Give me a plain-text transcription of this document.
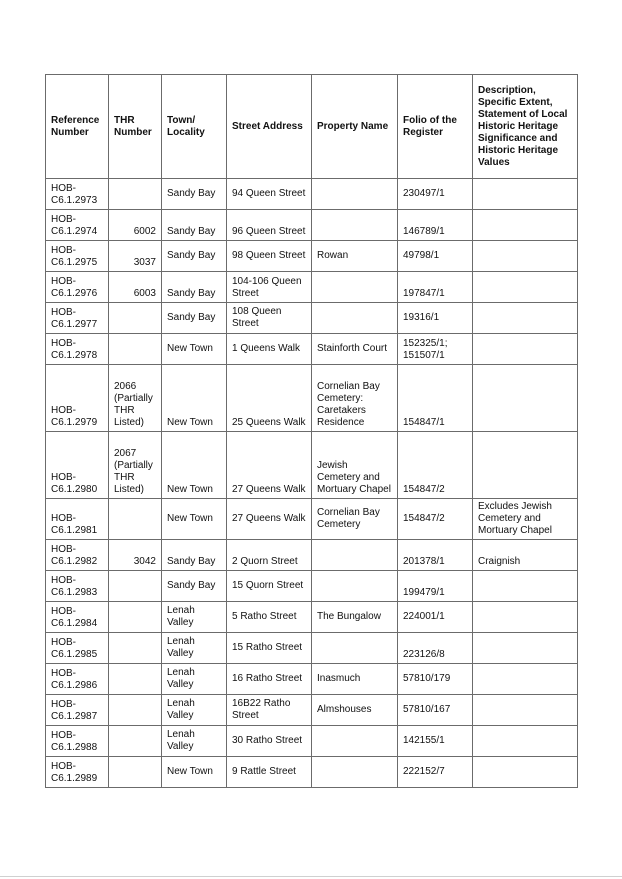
Reference Number	THR Number	Town/ Locality	Street Address	Property Name	Folio of the Register	Description, Specific Extent, Statement of Local Historic Heritage Significance and Historic Heritage Values
HOB-C6.1.2973		Sandy Bay	94 Queen Street		230497/1	
HOB-C6.1.2974	6002	Sandy Bay	96 Queen Street		146789/1	
HOB-C6.1.2975	3037	Sandy Bay	98 Queen Street	Rowan	49798/1	
HOB-C6.1.2976	6003	Sandy Bay	104-106 Queen Street		197847/1	
HOB-C6.1.2977		Sandy Bay	108 Queen Street		19316/1	
HOB-C6.1.2978		New Town	1 Queens Walk	Stainforth Court	152325/1; 151507/1	
HOB-C6.1.2979	2066 (Partially THR Listed)	New Town	25 Queens Walk	Cornelian Bay Cemetery: Caretakers Residence	154847/1	
HOB-C6.1.2980	2067 (Partially THR Listed)	New Town	27 Queens Walk	Jewish Cemetery and Mortuary Chapel	154847/2	
HOB-C6.1.2981		New Town	27 Queens Walk	Cornelian Bay Cemetery	154847/2	Excludes Jewish Cemetery and Mortuary Chapel
HOB-C6.1.2982	3042	Sandy Bay	2 Quorn Street		201378/1	Craignish
HOB-C6.1.2983		Sandy Bay	15 Quorn Street		199479/1	
HOB-C6.1.2984		Lenah Valley	5 Ratho Street	The Bungalow	224001/1	
HOB-C6.1.2985		Lenah Valley	15 Ratho Street		223126/8	
HOB-C6.1.2986		Lenah Valley	16 Ratho Street	Inasmuch	57810/179	
HOB-C6.1.2987		Lenah Valley	16B22 Ratho Street	Almshouses	57810/167	
HOB-C6.1.2988		Lenah Valley	30 Ratho Street		142155/1	
HOB-C6.1.2989		New Town	9 Rattle Street		222152/7	
